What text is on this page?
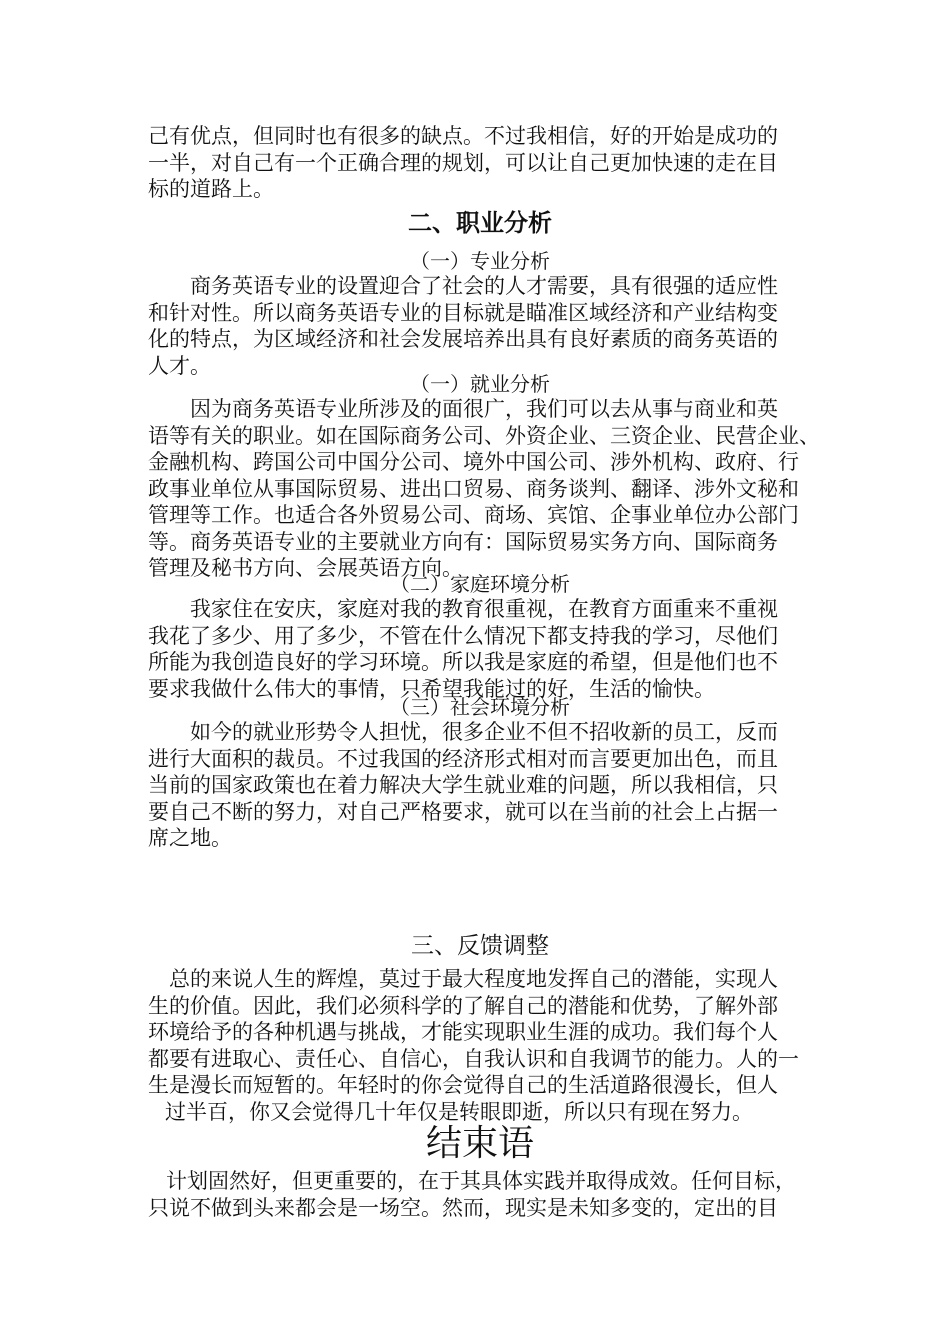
己有优点，但同时也有很多的缺点。不过我相信，好的开始是成功的
一半，对自己有一个正确合理的规划，可以让自己更加快速的走在目
标的道路上。

二、职业分析

（一）专业分析

商务英语专业的设置迎合了社会的人才需要，具有很强的适应性
和针对性。所以商务英语专业的目标就是瞄准区域经济和产业结构变
化的特点，为区域经济和社会发展培养出具有良好素质的商务英语的
人才。

（一）就业分析

因为商务英语专业所涉及的面很广，我们可以去从事与商业和英
语等有关的职业。如在国际商务公司、外资企业、三资企业、民营企业、
金融机构、跨国公司中国分公司、境外中国公司、涉外机构、政府、行
政事业单位从事国际贸易、进出口贸易、商务谈判、翻译、涉外文秘和
管理等工作。也适合各外贸易公司、商场、宾馆、企事业单位办公部门
等。商务英语专业的主要就业方向有：国际贸易实务方向、国际商务
管理及秘书方向、会展英语方向。

（二）家庭环境分析

我家住在安庆，家庭对我的教育很重视，在教育方面重来不重视
我花了多少、用了多少，不管在什么情况下都支持我的学习，尽他们
所能为我创造良好的学习环境。所以我是家庭的希望，但是他们也不
要求我做什么伟大的事情，只希望我能过的好，生活的愉快。

（三）社会环境分析

如今的就业形势令人担忧，很多企业不但不招收新的员工，反而
进行大面积的裁员。不过我国的经济形式相对而言要更加出色，而且
当前的国家政策也在着力解决大学生就业难的问题，所以我相信，只
要自己不断的努力，对自己严格要求，就可以在当前的社会上占据一
席之地。

三、反馈调整

总的来说人生的辉煌，莫过于最大程度地发挥自己的潜能，实现人
生的价值。因此，我们必须科学的了解自己的潜能和优势，了解外部
环境给予的各种机遇与挑战，才能实现职业生涯的成功。我们每个人
都要有进取心、责任心、自信心，自我认识和自我调节的能力。人的一
生是漫长而短暂的。年轻时的你会觉得自己的生活道路很漫长，但人
过半百，你又会觉得几十年仅是转眼即逝，所以只有现在努力。

结束语

计划固然好，但更重要的，在于其具体实践并取得成效。任何目标，
只说不做到头来都会是一场空。然而，现实是未知多变的，定出的目
